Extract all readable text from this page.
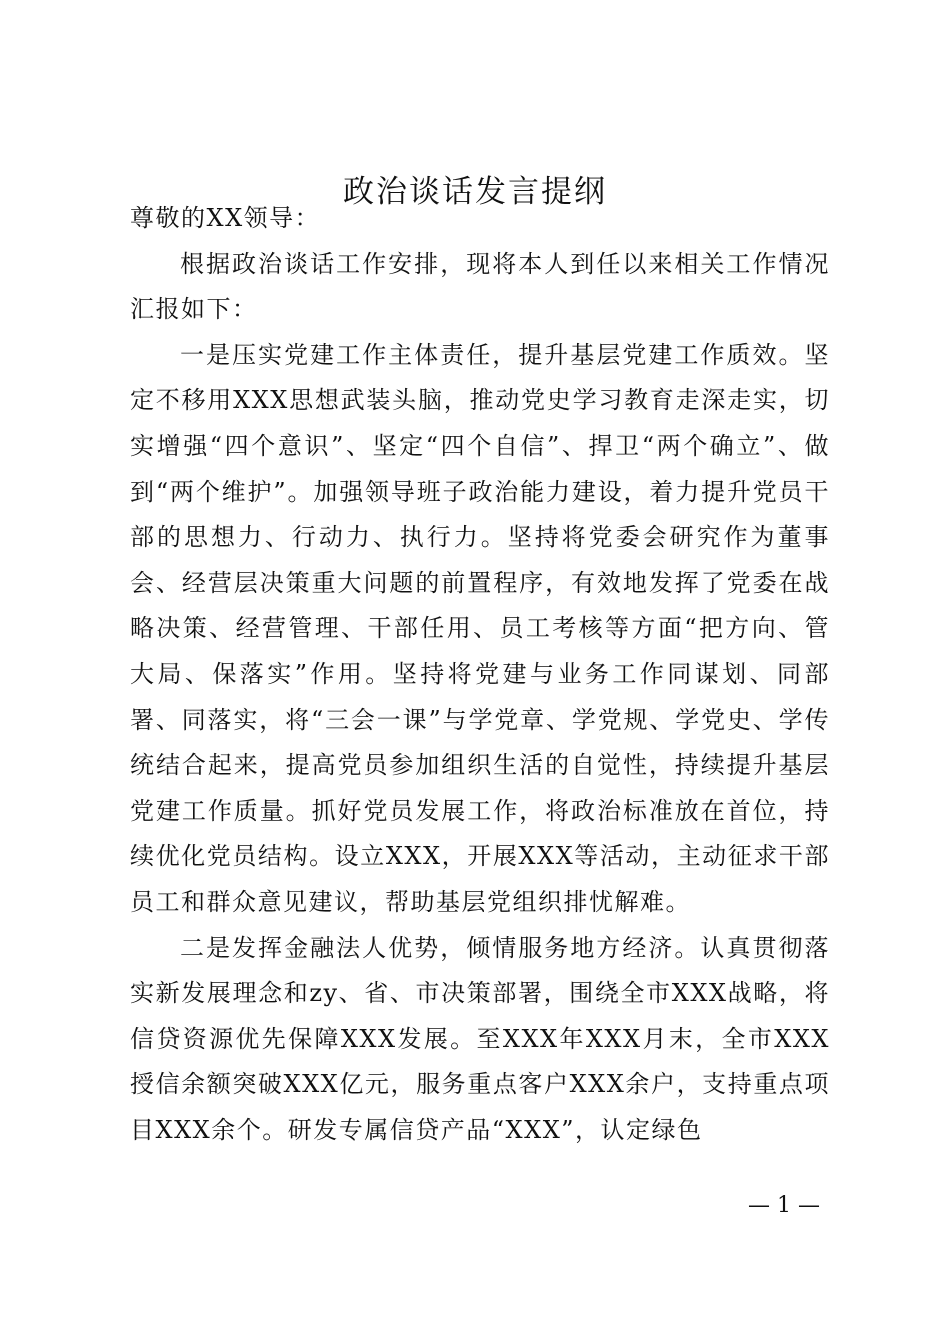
政治谈话发言提纲

尊敬的XX领导：

根据政治谈话工作安排，现将本人到任以来相关工作情况汇报如下：

一是压实党建工作主体责任，提升基层党建工作质效。坚定不移用XXX思想武装头脑，推动党史学习教育走深走实，切实增强“四个意识”、坚定“四个自信”、捍卫“两个确立”、做到“两个维护”。加强领导班子政治能力建设，着力提升党员干部的思想力、行动力、执行力。坚持将党委会研究作为董事会、经营层决策重大问题的前置程序，有效地发挥了党委在战略决策、经营管理、干部任用、员工考核等方面“把方向、管大局、保落实”作用。坚持将党建与业务工作同谋划、同部署、同落实，将“三会一课”与学党章、学党规、学党史、学传统结合起来，提高党员参加组织生活的自觉性，持续提升基层党建工作质量。抓好党员发展工作，将政治标准放在首位，持续优化党员结构。设立XXX，开展XXX等活动，主动征求干部员工和群众意见建议，帮助基层党组织排忧解难。

二是发挥金融法人优势，倾情服务地方经济。认真贯彻落实新发展理念和zy、省、市决策部署，围绕全市XXX战略，将信贷资源优先保障XXX发展。至XXX年XXX月末，全市XXX授信余额突破XXX亿元，服务重点客户XXX余户，支持重点项目XXX余个。研发专属信贷产品“XXX”，认定绿色

— 1 —
